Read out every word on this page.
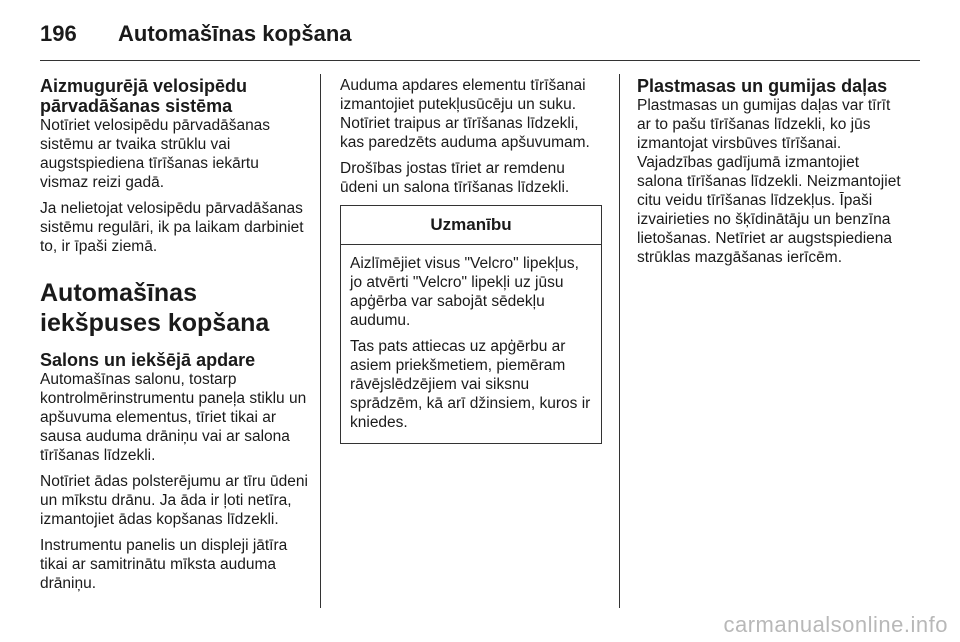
196	Automašīnas kopšana
Aizmugurējā velosipēdu pārvadāšanas sistēma

Notīriet velosipēdu pārvadāšanas sistēmu ar tvaika strūklu vai augstspiediena tīrīšanas iekārtu vismaz reizi gadā.

Ja nelietojat velosipēdu pārvadāšanas sistēmu regulāri, ik pa laikam darbiniet to, ir īpaši ziemā.

Automašīnas iekšpuses kopšana
Salons un iekšējā apdare

Automašīnas salonu, tostarp kontrolmērinstrumentu paneļa stiklu un apšuvuma elementus, tīriet tikai ar sausa auduma drāniņu vai ar salona tīrīšanas līdzekli.

Notīriet ādas polsterējumu ar tīru ūdeni un mīkstu drānu. Ja āda ir ļoti netīra, izmantojiet ādas kopšanas līdzekli.

Instrumentu panelis un displeji jātīra tikai ar samitrinātu mīksta auduma drāniņu.

Auduma apdares elementu tīrīšanai izmantojiet putekļusūcēju un suku. Notīriet traipus ar tīrīšanas līdzekli, kas paredzēts auduma apšuvumam.

Drošības jostas tīriet ar remdenu ūdeni un salona tīrīšanas līdzekli.

Uzmanību

Aizlīmējiet visus "Velcro" lipekļus, jo atvērti "Velcro" lipekļi uz jūsu apģērba var sabojāt sēdekļu audumu.

Tas pats attiecas uz apģērbu ar asiem priekšmetiem, piemēram rāvējslēdzējiem vai siksnu sprādzēm, kā arī džinsiem, kuros ir kniedes.

Plastmasas un gumijas daļas

Plastmasas un gumijas daļas var tīrīt ar to pašu tīrīšanas līdzekli, ko jūs izmantojat virsbūves tīrīšanai. Vajadzības gadījumā izmantojiet salona tīrīšanas līdzekli. Neizmantojiet citu veidu tīrīšanas līdzekļus. Īpaši izvairieties no šķīdinātāju un benzīna lietošanas. Netīriet ar augstspiediena strūklas mazgāšanas ierīcēm.

carmanualsonline.info
